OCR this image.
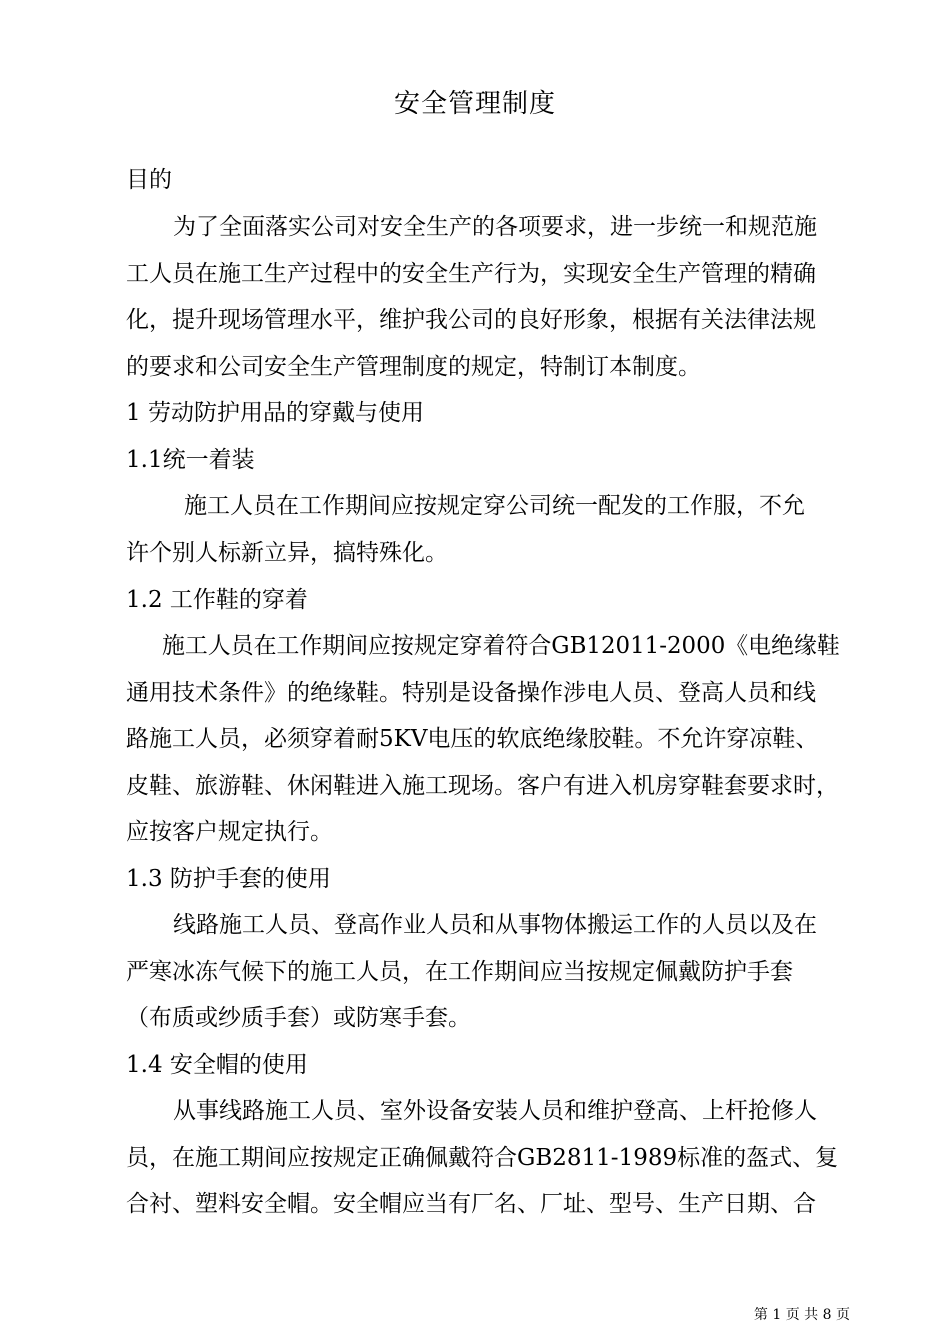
安全管理制度
目的
为了全面落实公司对安全生产的各项要求，进一步统一和规范施
工人员在施工生产过程中的安全生产行为，实现安全生产管理的精确
化，提升现场管理水平，维护我公司的良好形象，根据有关法律法规
的要求和公司安全生产管理制度的规定，特制订本制度。
1 劳动防护用品的穿戴与使用
1.1统一着装
施工人员在工作期间应按规定穿公司统一配发的工作服，不允
许个别人标新立异，搞特殊化。
1.2 工作鞋的穿着
施工人员在工作期间应按规定穿着符合GB12011-2000《电绝缘鞋
通用技术条件》的绝缘鞋。特别是设备操作涉电人员、登高人员和线
路施工人员，必须穿着耐5KV电压的软底绝缘胶鞋。不允许穿凉鞋、
皮鞋、旅游鞋、休闲鞋进入施工现场。客户有进入机房穿鞋套要求时，
应按客户规定执行。
1.3 防护手套的使用
线路施工人员、登高作业人员和从事物体搬运工作的人员以及在
严寒冰冻气候下的施工人员，在工作期间应当按规定佩戴防护手套
（布质或纱质手套）或防寒手套。
1.4 安全帽的使用
从事线路施工人员、室外设备安装人员和维护登高、上杆抢修人
员，在施工期间应按规定正确佩戴符合GB2811-1989标准的盔式、复
合衬、塑料安全帽。安全帽应当有厂名、厂址、型号、生产日期、合
第 1 页 共 8 页
